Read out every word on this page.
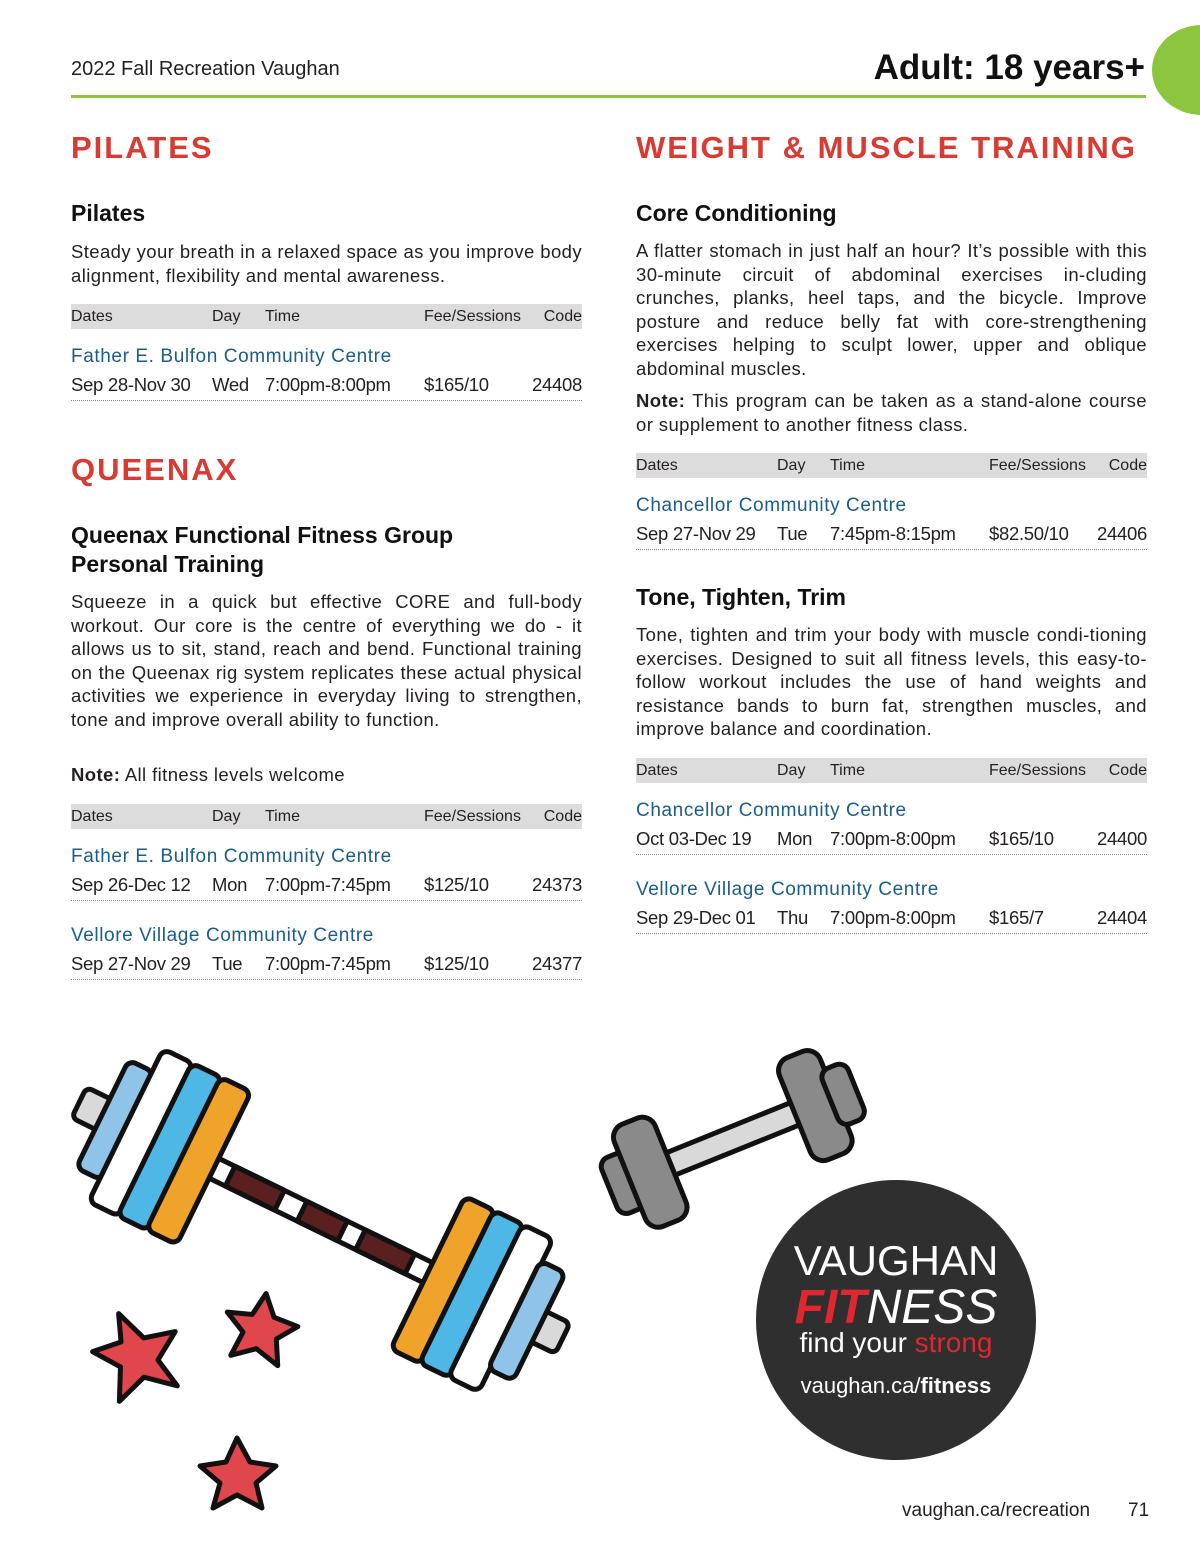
2022 Fall Recreation Vaughan	Adult: 18 years+
PILATES
Pilates
Steady your breath in a relaxed space as you improve body alignment, flexibility and mental awareness.
Dates	Day Time	Fee/Sessions Code
Father E. Bulfon Community Centre
Sep 28-Nov 30 Wed 7:00pm-8:00pm $165/10 24408
QUEENAX
Queenax Functional Fitness Group
Personal Training
Squeeze in a quick but effective CORE and full-body workout. Our core is the centre of everything we do - it allows us to sit, stand, reach and bend. Functional training on the Queenax rig system replicates these actual physical activities we experience in everyday living to strengthen, tone and improve overall ability to function.
Note: All fitness levels welcome
Dates	Day Time	Fee/Sessions Code
Father E. Bulfon Community Centre
Sep 26-Dec 12 Mon 7:00pm-7:45pm $125/10 24373
Vellore Village Community Centre
Sep 27-Nov 29 Tue 7:00pm-7:45pm $125/10 24377
WEIGHT & MUSCLE TRAINING
Core Conditioning
A flatter stomach in just half an hour? It’s possible with this 30-minute circuit of abdominal exercises in-cluding crunches, planks, heel taps, and the bicycle. Improve posture and reduce belly fat with core-strengthening exercises helping to sculpt lower, upper and oblique abdominal muscles.
Note: This program can be taken as a stand-alone course or supplement to another fitness class.
Dates	Day Time	Fee/Sessions Code
Chancellor Community Centre
Sep 27-Nov 29 Tue 7:45pm-8:15pm $82.50/10 24406
Tone, Tighten, Trim
Tone, tighten and trim your body with muscle condi-tioning exercises. Designed to suit all fitness levels, this easy-to-follow workout includes the use of hand weights and resistance bands to burn fat, strengthen muscles, and improve balance and coordination.
Dates	Day Time	Fee/Sessions Code
Chancellor Community Centre
Oct 03-Dec 19 Mon 7:00pm-8:00pm $165/10 24400
Vellore Village Community Centre
Sep 29-Dec 01 Thu 7:00pm-8:00pm $165/7	24404
VAUGHAN
FITNESS
find your strong
vaughan.ca/fitness
vaughan.ca/recreation 71
